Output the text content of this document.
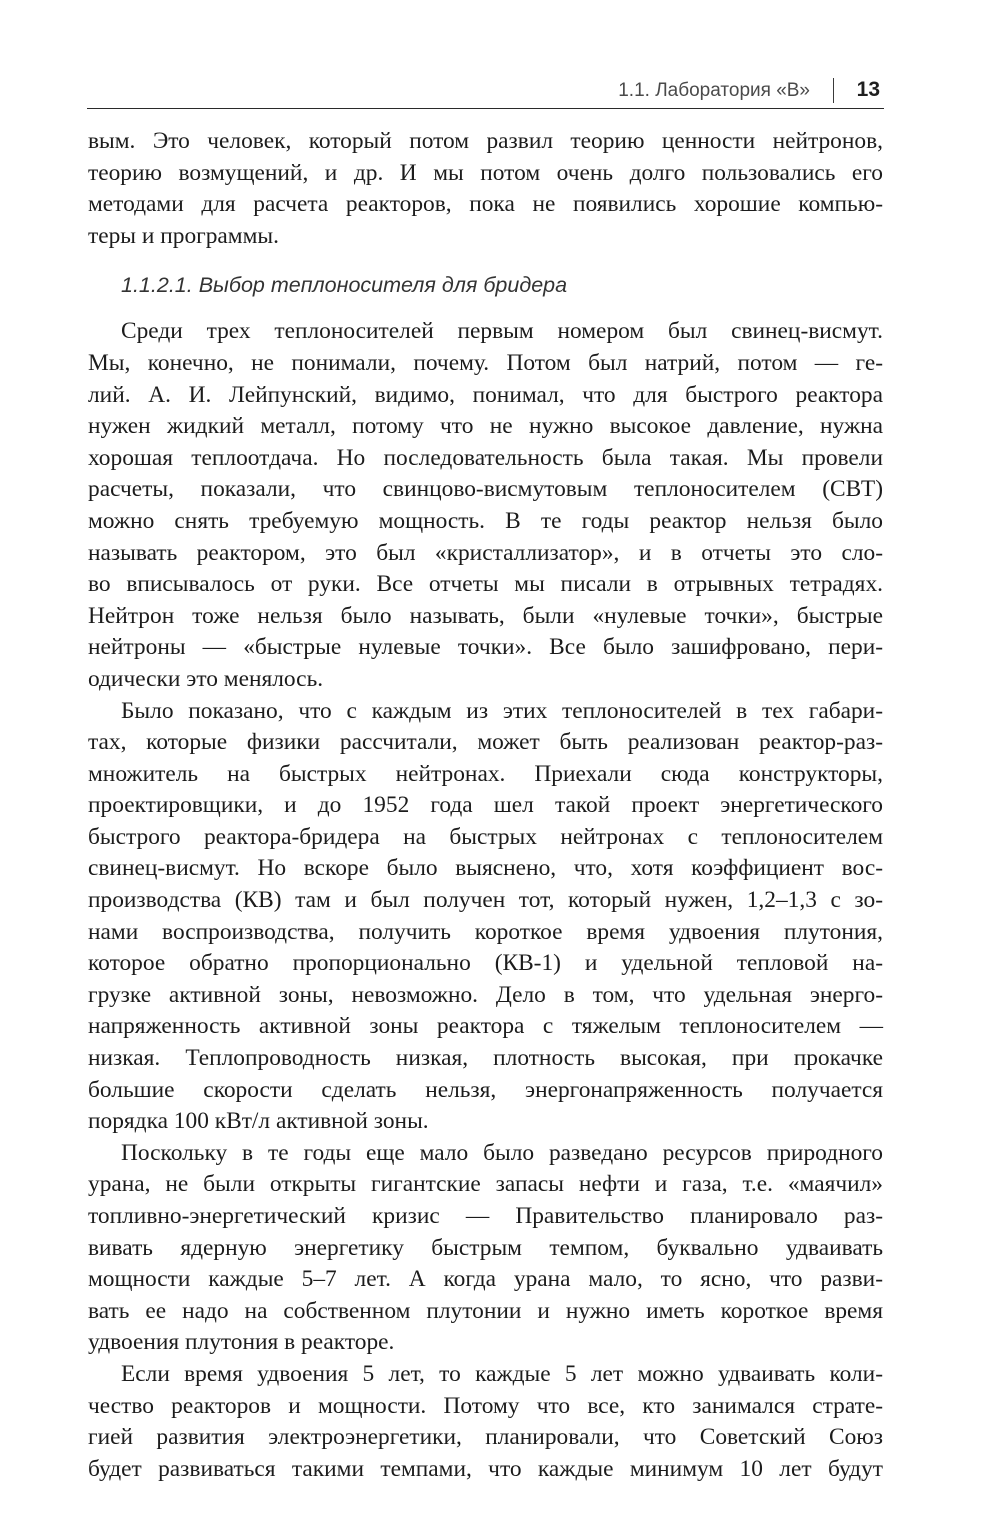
1.1. Лаборатория «В» 13
вым. Это человек, который потом развил теорию ценности нейтронов,
теорию возмущений, и др. И мы потом очень долго пользовались его
методами для расчета реакторов, пока не появились хорошие компью-
теры и программы.
1.1.2.1. Выбор теплоносителя для бридера
Среди трех теплоносителей первым номером был свинец-висмут.
Мы, конечно, не понимали, почему. Потом был натрий, потом — ге-
лий. А. И. Лейпунский, видимо, понимал, что для быстрого реактора
нужен жидкий металл, потому что не нужно высокое давление, нужна
хорошая теплоотдача. Но последовательность была такая. Мы провели
расчеты, показали, что свинцово-висмутовым теплоносителем (СВТ)
можно снять требуемую мощность. В те годы реактор нельзя было
называть реактором, это был «кристаллизатор», и в отчеты это сло-
во вписывалось от руки. Все отчеты мы писали в отрывных тетрадях.
Нейтрон тоже нельзя было называть, были «нулевые точки», быстрые
нейтроны — «быстрые нулевые точки». Все было зашифровано, пери-
одически это менялось.
Было показано, что с каждым из этих теплоносителей в тех габари-
тах, которые физики рассчитали, может быть реализован реактор-раз-
множитель на быстрых нейтронах. Приехали сюда конструкторы,
проектировщики, и до 1952 года шел такой проект энергетического
быстрого реактора-бридера на быстрых нейтронах с теплоносителем
свинец-висмут. Но вскоре было выяснено, что, хотя коэффициент вос-
производства (КВ) там и был получен тот, который нужен, 1,2–1,3 с зо-
нами воспроизводства, получить короткое время удвоения плутония,
которое обратно пропорционально (КВ-1) и удельной тепловой на-
грузке активной зоны, невозможно. Дело в том, что удельная энерго-
напряженность активной зоны реактора с тяжелым теплоносителем —
низкая. Теплопроводность низкая, плотность высокая, при прокачке
большие скорости сделать нельзя, энергонапряженность получается
порядка 100 кВт/л активной зоны.
Поскольку в те годы еще мало было разведано ресурсов природного
урана, не были открыты гигантские запасы нефти и газа, т.е. «маячил»
топливно-энергетический кризис — Правительство планировало раз-
вивать ядерную энергетику быстрым темпом, буквально удваивать
мощности каждые 5–7 лет. А когда урана мало, то ясно, что разви-
вать ее надо на собственном плутонии и нужно иметь короткое время
удвоения плутония в реакторе.
Если время удвоения 5 лет, то каждые 5 лет можно удваивать коли-
чество реакторов и мощности. Потому что все, кто занимался страте-
гией развития электроэнергетики, планировали, что Советский Союз
будет развиваться такими темпами, что каждые минимум 10 лет будут
